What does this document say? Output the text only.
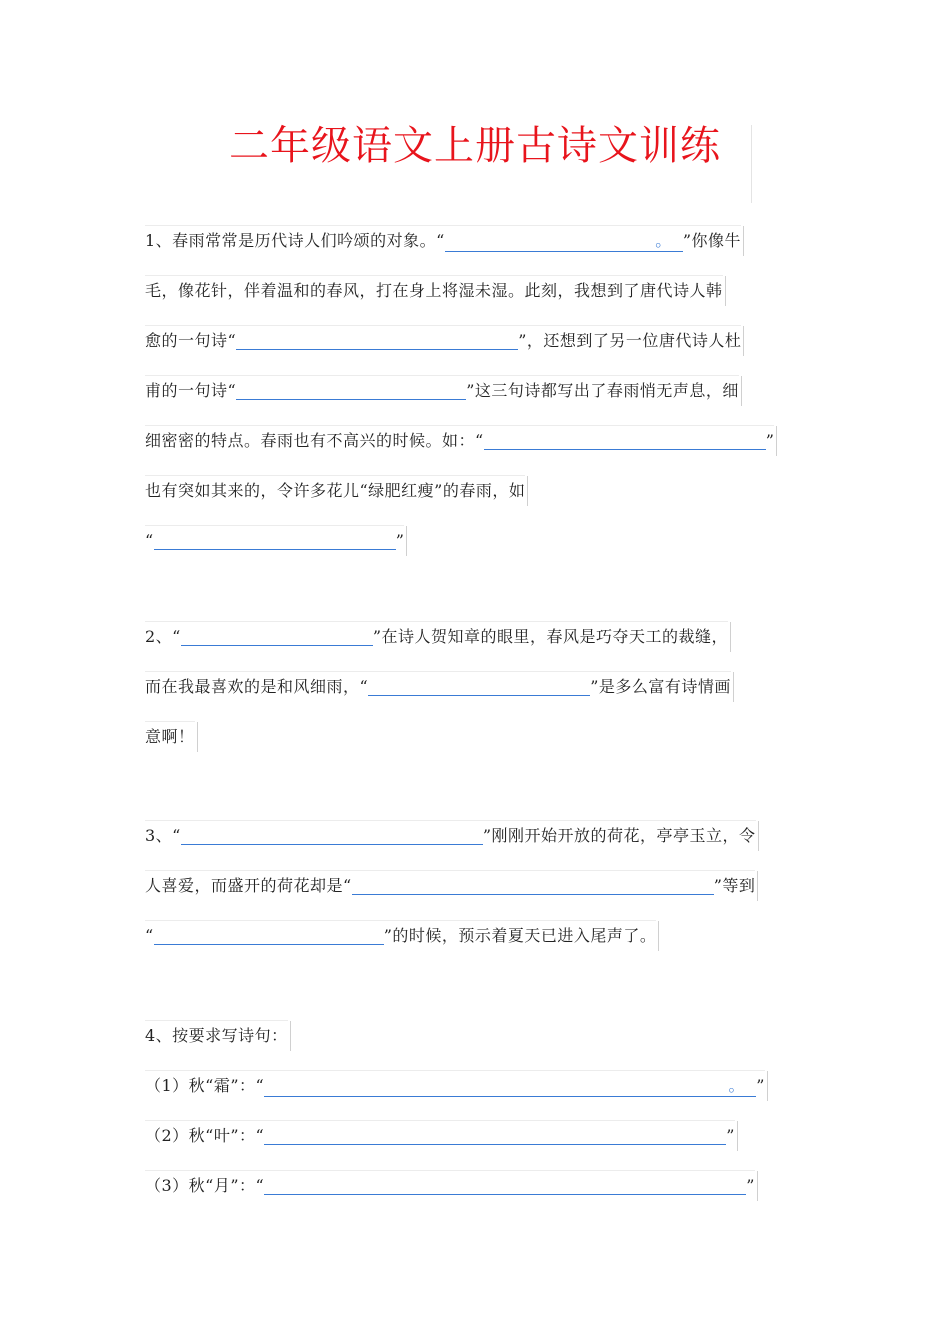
二年级语文上册古诗文训练
1、春雨常常是历代诗人们吟颂的对象。“	。 ”你像牛
毛，像花针，伴着温和的春风，打在身上将湿未湿。此刻，我想到了唐代诗人韩
愈的一句诗“	”，还想到了另一位唐代诗人杜
甫的一句诗“	”这三句诗都写出了春雨悄无声息，细
细密密的特点。春雨也有不高兴的时候。如：“	”
也有突如其来的，令许多花儿“绿肥红瘦”的春雨，如
“	”
2、“	”在诗人贺知章的眼里，春风是巧夺天工的裁缝，
而在我最喜欢的是和风细雨，“	”是多么富有诗情画
意啊！
3、“	”刚刚开始开放的荷花，亭亭玉立，令
人喜爱，而盛开的荷花却是“	”等到
“	”的时候，预示着夏天已进入尾声了。
4、按要求写诗句：
（1）秋“霜”：“	。 ”
（2）秋“叶”：“	”
（3）秋“月”：“	”
